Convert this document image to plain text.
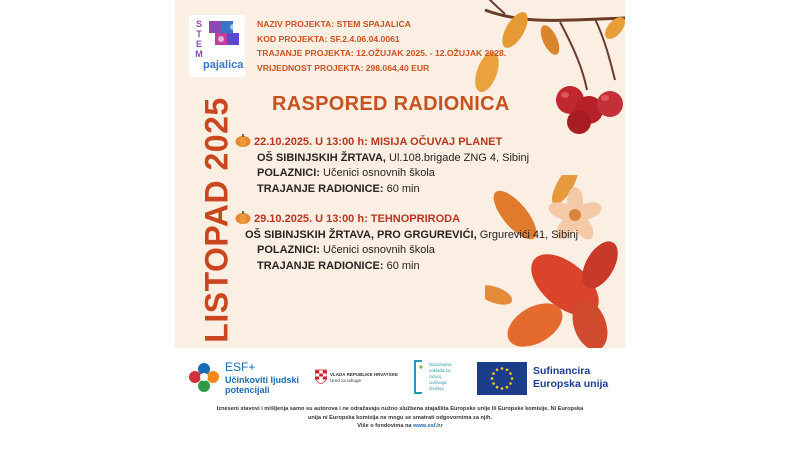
STEM
pajalica
NAZIV PROJEKTA: STEM SPAJALICA
KOD PROJEKTA: SF.2.4.06.04.0061
TRAJANJE PROJEKTA: 12.OŽUJAK 2025. - 12.OŽUJAK 2028.
VRIJEDNOST PROJEKTA: 298.064,40 EUR
LISTOPAD 2025 RASPORED RADIONICA
22.10.2025. U 13:00 h: MISIJA OČUVAJ PLANET
OŠ SIBINJSKIH ŽRTAVA, Ul.108.brigade ZNG 4, Sibinj
POLAZNICI: Učenici osnovnih škola
TRAJANJE RADIONICE: 60 min
29.10.2025. U 13:00 h: TEHNOPRIRODA
OŠ SIBINJSKIH ŽRTAVA, PRO GRGUREVIĆI, Grgurevići 41, Sibinj
POLAZNICI: Učenici osnovnih škola
TRAJANJE RADIONICE: 60 min
ESF+
Učinkoviti ljudski
potencijali
VLADA REPUBLIKE HRVATSKE
Ured za udruge
Nacionalna
zaklada za
razvoj
civilnoga
društva
Sufinancira
Europska unija
Izneseni stavovi i mišljenja samo su autorova i ne odražavaju nužno službena stajališta Europske unije ili Europske komisije. Ni Europska
unija ni Europska komisija ne mogu se smatrati odgovornima za njih.
Više o fondovima na www.esf.hr
